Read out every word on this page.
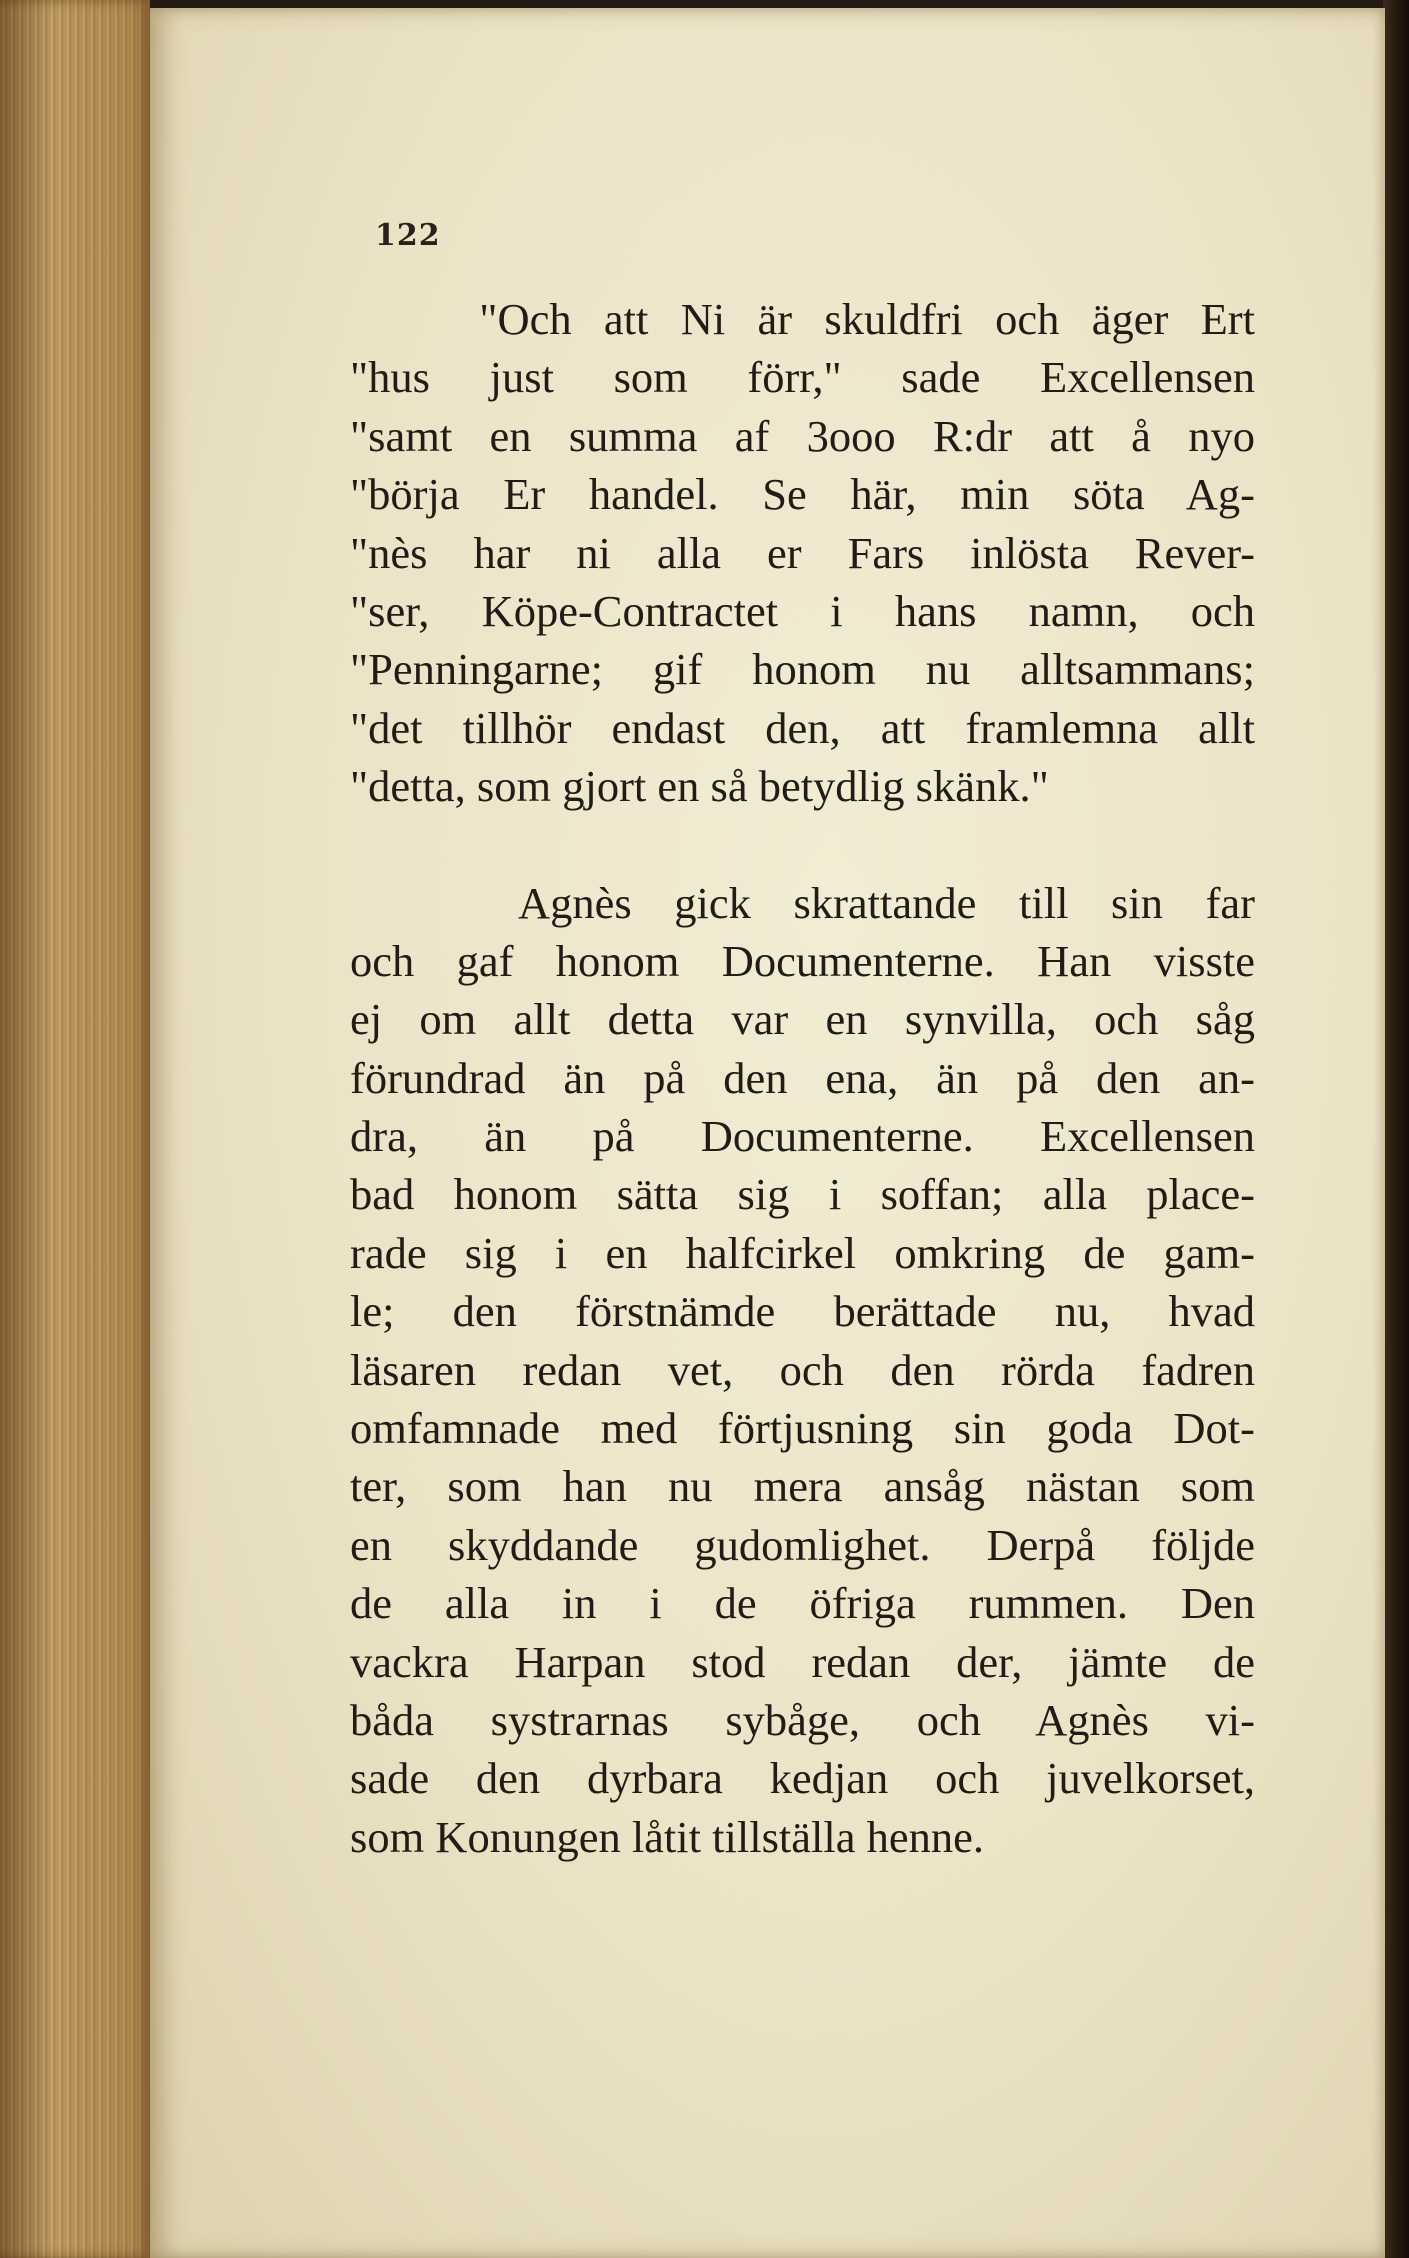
122
"Och att Ni är skuldfri och äger Ert
"hus just som förr," sade Excellensen
"samt en summa af 3ooo R:dr att å nyo
"börja Er handel. Se här, min söta Ag-
"nès har ni alla er Fars inlösta Rever-
"ser, Köpe-Contractet i hans namn, och
"Penningarne; gif honom nu alltsammans;
"det tillhör endast den, att framlemna allt
"detta, som gjort en så betydlig skänk."
Agnès gick skrattande till sin far
och gaf honom Documenterne. Han visste
ej om allt detta var en synvilla, och såg
förundrad än på den ena, än på den an-
dra, än på Documenterne. Excellensen
bad honom sätta sig i soffan; alla place-
rade sig i en halfcirkel omkring de gam-
le; den förstnämde berättade nu, hvad
läsaren redan vet, och den rörda fadren
omfamnade med förtjusning sin goda Dot-
ter, som han nu mera ansåg nästan som
en skyddande gudomlighet. Derpå följde
de alla in i de öfriga rummen. Den
vackra Harpan stod redan der, jämte de
båda systrarnas sybåge, och Agnès vi-
sade den dyrbara kedjan och juvelkorset,
som Konungen låtit tillställa henne.
